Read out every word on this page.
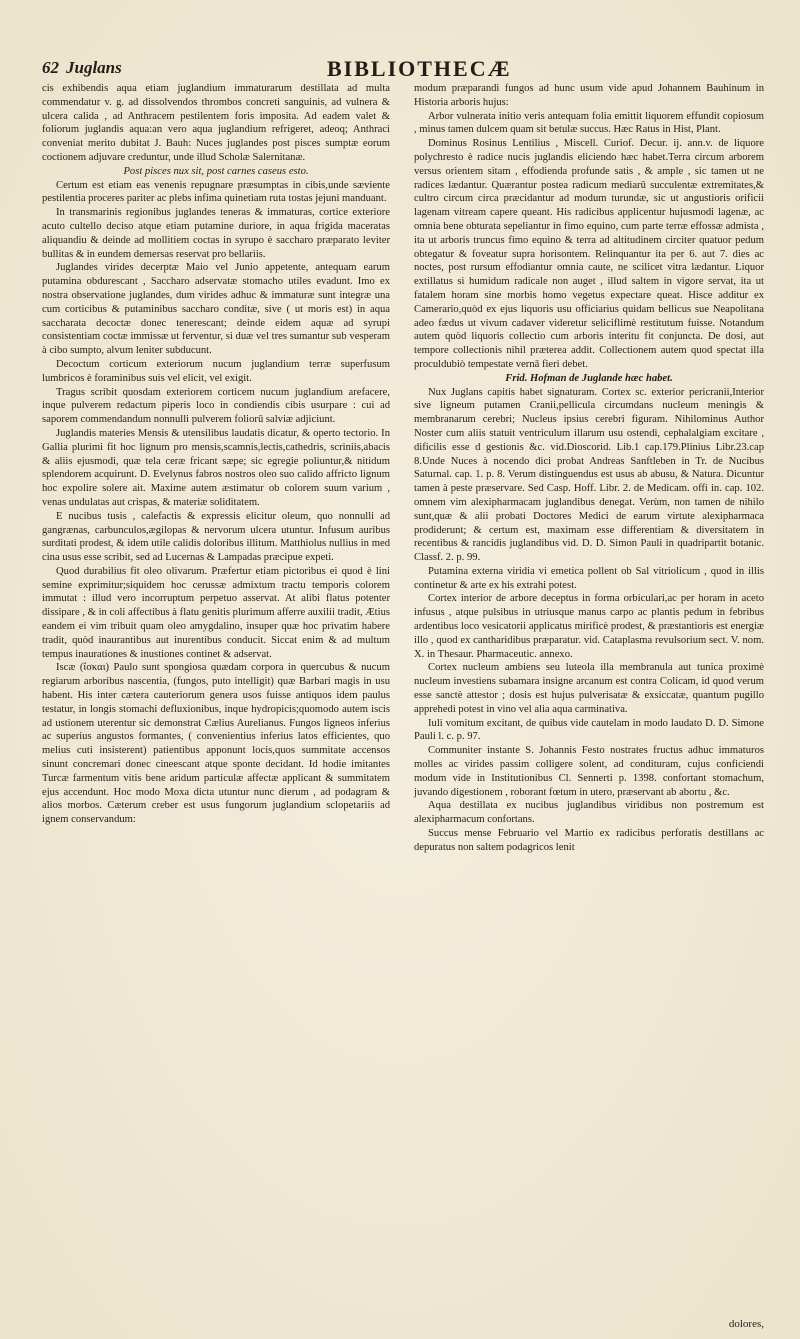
62 Juglans	BIBLIOTHECÆ

cis exhibendis aqua etiam juglandium immaturarum destillata ad multa commendatur v. g. ad dissolvendos thrombos concreti sanguinis, ad vulnera & ulcera calida , ad Anthracem pestilentem foris imposita. Ad eadem valet & foliorum juglandis aqua:an vero aqua juglandium refrigeret, adeoq; Anthraci conveniat merito dubitat J. Bauh: Nuces juglandes post pisces sumptæ eorum coctionem adjuvare creduntur, unde illud Scholæ Salernitanæ.

Post pisces nux sit, post carnes caseus esto.

Certum est etiam eas venenis repugnare præsumptas in cibis,unde sæviente pestilentia proceres pariter ac plebs infima quinetiam ruta tostas jejuni manduant.

In transmarinis regionibus juglandes teneras & immaturas, cortice exteriore acuto cultello deciso atque etiam putamine duriore, in aqua frigida maceratas aliquandiu & deinde ad mollitiem coctas in syrupo è saccharo præparato leviter bullitas & in eundem demersas reservat pro bellariis.

Juglandes virides decerptæ Maio vel Junio appetente, antequam earum putamina obdurescant , Saccharo adservatæ stomacho utiles evadunt. Imo ex nostra observatione juglandes, dum virides adhuc & immaturæ sunt integræ una cum corticibus & putaminibus saccharo conditæ, sive ( ut moris est) in aqua saccharata decoctæ donec tenerescant; deinde eidem aquæ ad syrupi consistentiam coctæ immissæ ut ferventur, si duæ vel tres sumantur sub vesperam à cibo sumpto, alvum leniter subducunt.

Decoctum corticum exteriorum nucum juglandium terræ superfusum lumbricos è foraminibus suis vel elicit, vel exigit.

Tragus scribit quosdam exteriorem corticem nucum juglandium arefacere, inque pulverem redactum piperis loco in condiendis cibis usurpare : cui ad saporem commendandum nonnulli pulverem foliorū salviæ adjiciunt.

Juglandis materies Mensis & utensilibus laudatis dicatur, & operto tectorio. In Gallia plurimi fit hoc lignum pro mensis,scamnis,lectis,cathedris, scriniis,abacis & aliis ejusmodi, quæ tela ceræ fricant sæpe; sic egregie poliuntur,& nitidum splendorem acquirunt. D. Evelynus fabros nostros oleo suo calido affricto lignum hoc expolire solere ait. Maxime autem æstimatur ob colorem suum varium , venas undulatas aut crispas, & materiæ soliditatem.

E nucibus tusis , calefactis & expressis elicitur oleum, quo nonnulli ad gangrænas, carbunculos,ægilopas & nervorum ulcera utuntur. Infusum auribus surditati prodest, & idem utile calidis doloribus illitum. Matthiolus nullius in med cina usus esse scribit, sed ad Lucernas & Lampadas præcipue expeti.

Quod durabilius fit oleo olivarum. Præfertur etiam pictoribus ei quod è lini semine exprimitur;siquidem hoc cerussæ admixtum tractu temporis colorem immutat : illud vero incorruptum perpetuo asservat. At alibi flatus potenter dissipare , & in coli affectibus à flatu genitis plurimum afferre auxilii tradit, Ætius eandem ei vim tribuit quam oleo amygdalino, insuper quæ hoc privatim habere tradit, quòd inaurantibus aut inurentibus conducit. Siccat enim & ad multum tempus inaurationes & inustiones continet & adservat.

Iscæ (ἴσκαι) Paulo sunt spongiosa quædam corpora in quercubus & nucum regiarum arboribus nascentia, (fungos, puto intelligit) quæ Barbari magis in usu habent. His inter cætera cauteriorum genera usos fuisse antiquos idem paulus testatur, in longis stomachi defluxionibus, inque hydropicis;quomodo autem iscis ad ustionem uterentur sic demonstrat Cælius Aurelianus. Fungos ligneos inferius ac superius angustos formantes, ( convenientius inferius latos efficientes, quo melius cuti insisterent) patientibus apponunt locis,quos summitate accensos sinunt concremari donec cineescant atque sponte decidant. Id hodie imitantes Turcæ farmentum vitis bene aridum particulæ affectæ applicant & summitatem ejus accendunt. Hoc modo Moxa dicta utuntur nunc dierum , ad podagram & alios morbos. Cæterum creber est usus fungorum juglandium sclopetariis ad ignem conservandum:

modum præparandi fungos ad hunc usum vide apud Johannem Bauhinum in Historia arboris hujus:

Arbor vulnerata initio veris antequam folia emittit liquorem effundit copiosum , minus tamen dulcem quam sit betulæ succus. Hæc Ratus in Hist, Plant.

Dominus Rosinus Lentilius , Miscell. Curiof. Decur. ij. ann.v. de liquore polychresto è radice nucis juglandis eliciendo hæc habet.Terra circum arborem versus orientem sitam , effodienda profunde satis , & ample , sic tamen ut ne radices lædantur. Quærantur postea radicum mediarū succulentæ extremitates,& cultro circum circa præcidantur ad modum turundæ, sic ut angustioris orificii lagenam vitream capere queant. His radicibus applicentur hujusmodi lagenæ, ac omnia bene obturata sepeliantur in fimo equino, cum parte terræ effossæ admista , ita ut arboris truncus fimo equino & terra ad altitudinem circiter quatuor pedum obtegatur & foveatur supra horisontem. Relinquantur ita per 6. aut 7. dies ac noctes, post rursum effodiantur omnia caute, ne scilicet vitra lædantur. Liquor extillatus si humidum radicale non auget , illud saltem in vigore servat, ita ut fatalem horam sine morbis homo vegetus expectare queat. Hisce additur ex Camerario,quòd ex ejus liquoris usu officiarius quidam bellicus sue Neapolitana adeo fædus ut vivum cadaver videretur seliciflimè restitutum fuisse. Notandum autem quòd liquoris collectio cum arboris interitu fit conjuncta. De dosi, aut tempore collectionis nihil præterea addit. Collectionem autem quod spectat illa proculdubiò tempestate vernā fieri debet.

Frid. Hofman de Juglande hæc habet.

Nux Juglans capitis habet signaturam. Cortex sc. exterior pericranii,Interior sive ligneum putamen Cranii,pellicula circumdans nucleum meningis & membranarum cerebri; Nucleus ipsius cerebri figuram. Nihilominus Author Noster cum aliis statuit ventriculum illarum usu ostendi, cephalalgiam excitare , dificilis esse d gestionis &c. vid.Dioscorid. Lib.1 cap.179.Plinius Libr.23.cap 8.Unde Nuces à nocendo dici probat Andreas Sanftleben in Tr. de Nucibus Saturnal. cap. 1. p. 8. Verum distinguendus est usus ab abusu, & Natura. Dicuntur tamen à peste præservare. Sed Casp. Hoff. Libr. 2. de Medicam. offi in. cap. 102. omnem vim alexipharmacam juglandibus denegat. Verùm, non tamen de nihilo sunt,quæ & alii probati Doctores Medici de earum virtute alexipharmaca prodiderunt; & certum est, maximam esse differentiam & diversitatem in recentibus & rancidis juglandibus vid. D. D. Simon Pauli in quadripartit botanic. Classf. 2. p. 99.

Putamina externa viridia vi emetica pollent ob Sal vitriolicum , quod in illis continetur & arte ex his extrahi potest.

Cortex interior de arbore deceptus in forma orbiculari,ac per horam in aceto infusus , atque pulsibus in utriusque manus carpo ac plantis pedum in febribus ardentibus loco vesicatorii applicatus mirificè prodest, & præstantioris est energiæ illo , quod ex cantharidibus præparatur. vid. Cataplasma revulsorium sect. V. nom. X. in Thesaur. Pharmaceutic. annexo.

Cortex nucleum ambiens seu luteola illa membranula aut tunica proximè nucleum investiens subamara insigne arcanum est contra Colicam, id quod verum esse sanctè attestor ; dosis est hujus pulverisatæ & exsiccatæ, quantum pugillo apprehedi potest in vino vel alia aqua carminativa.

Iuli vomitum excitant, de quibus vide cautelam in modo laudato D. D. Simone Pauli l. c. p. 97.

Communiter instante S. Johannis Festo nostrates fructus adhuc immaturos molles ac virides passim colligere solent, ad condituram, cujus conficiendi modum vide in Institutionibus Cl. Sennerti p. 1398. confortant stomachum, juvando digestionem , roborant fœtum in utero, præservant ab abortu , &c.

Aqua destillata ex nucibus juglandibus viridibus non postremum est alexipharmacum confortans.

Succus mense Februario vel Martio ex radicibus perforatis destillans ac depuratus non saltem podagricos lenit

dolores,
